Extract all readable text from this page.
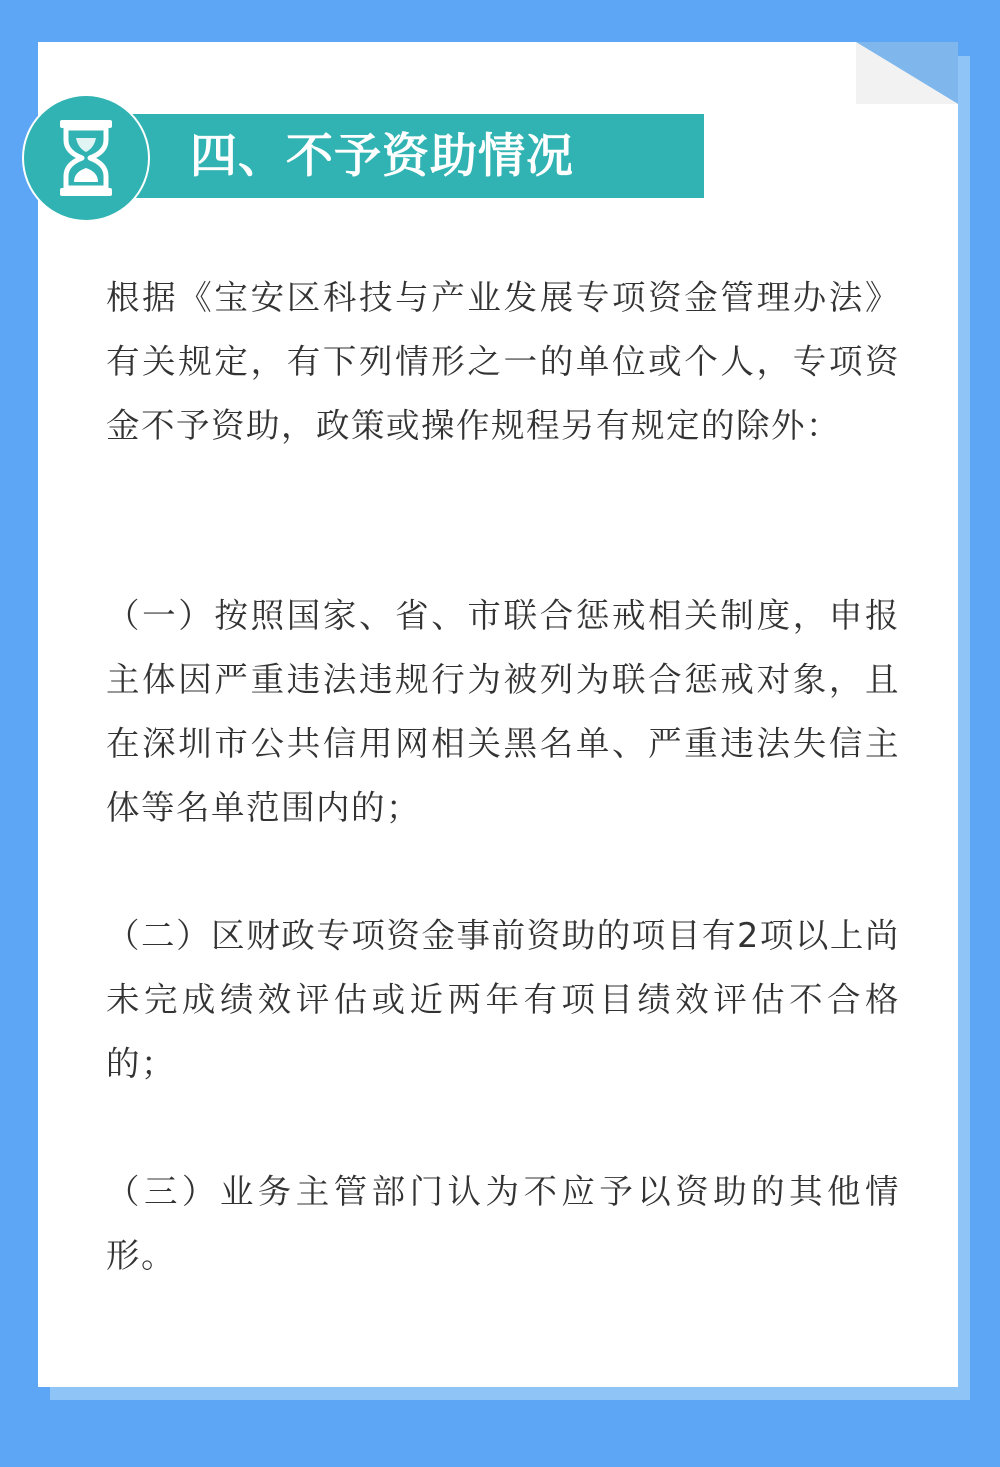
四、不予资助情况

根据《宝安区科技与产业发展专项资金管理办法》有关规定，有下列情形之一的单位或个人，专项资金不予资助，政策或操作规程另有规定的除外：

（一）按照国家、省、市联合惩戒相关制度，申报主体因严重违法违规行为被列为联合惩戒对象，且在深圳市公共信用网相关黑名单、严重违法失信主体等名单范围内的；

（二）区财政专项资金事前资助的项目有2项以上尚未完成绩效评估或近两年有项目绩效评估不合格的；

（三）业务主管部门认为不应予以资助的其他情形。
